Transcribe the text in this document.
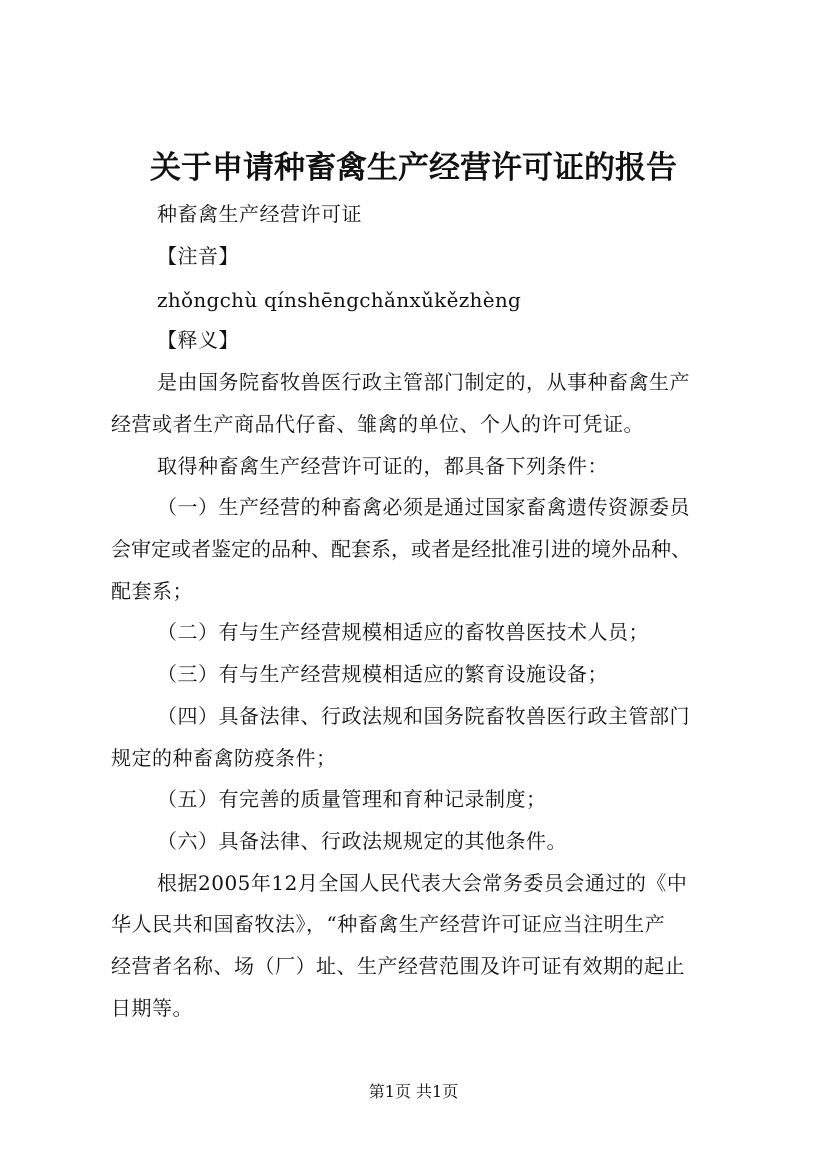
关于申请种畜禽生产经营许可证的报告
种畜禽生产经营许可证
【注音】
zhǒngchù qínshēngchǎnxǔkězhèng
【释义】
是由国务院畜牧兽医行政主管部门制定的，从事种畜禽生产
经营或者生产商品代仔畜、雏禽的单位、个人的许可凭证。
取得种畜禽生产经营许可证的，都具备下列条件：
（一）生产经营的种畜禽必须是通过国家畜禽遗传资源委员
会审定或者鉴定的品种、配套系，或者是经批准引进的境外品种、
配套系；
（二）有与生产经营规模相适应的畜牧兽医技术人员；
（三）有与生产经营规模相适应的繁育设施设备；
（四）具备法律、行政法规和国务院畜牧兽医行政主管部门
规定的种畜禽防疫条件；
（五）有完善的质量管理和育种记录制度；
（六）具备法律、行政法规规定的其他条件。
根据2005年12月全国人民代表大会常务委员会通过的《中
华人民共和国畜牧法》，“种畜禽生产经营许可证应当注明生产
经营者名称、场（厂）址、生产经营范围及许可证有效期的起止
日期等。
第1页 共1页
